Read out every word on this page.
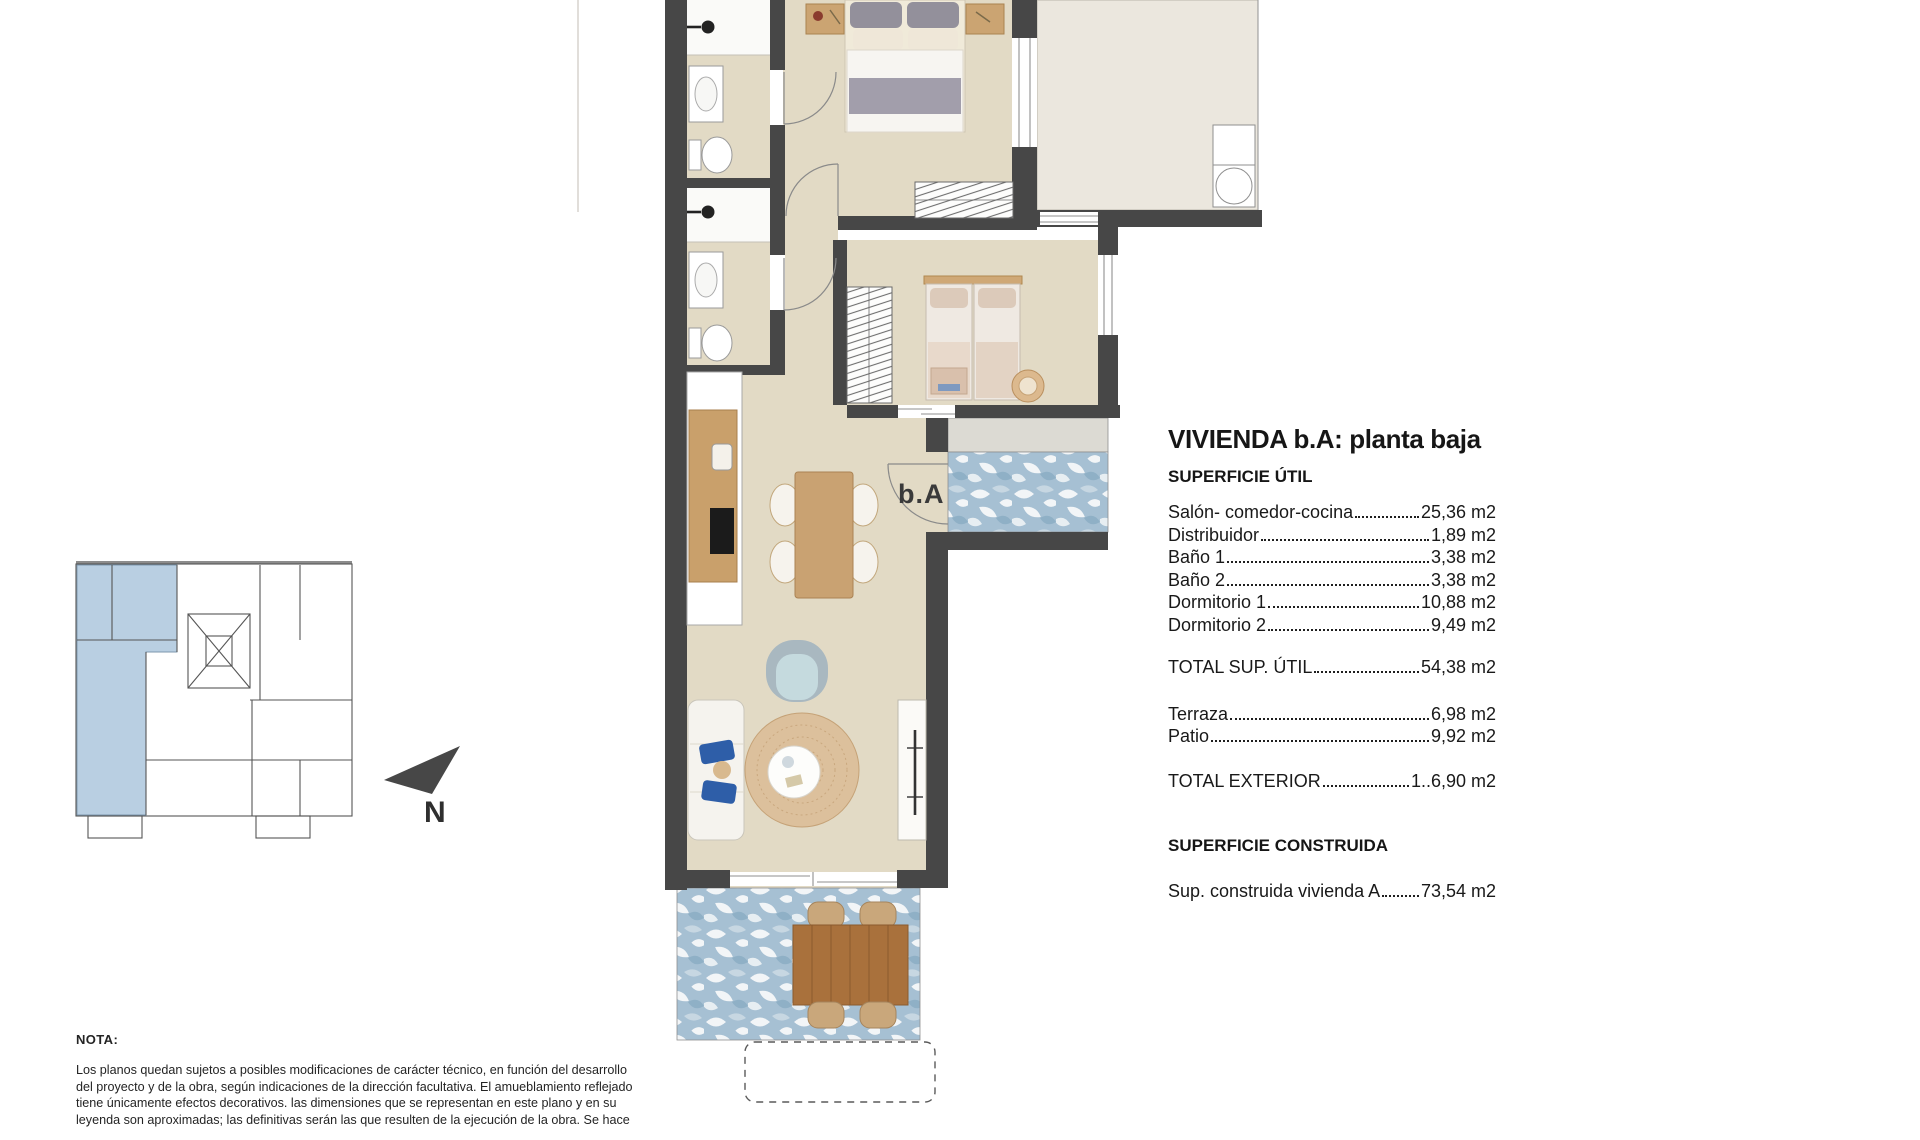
b.A
N
VIVIENDA b.A: planta baja
SUPERFICIE ÚTIL
Salón- comedor-cocina	25,36 m2
Distribuidor	1,89 m2
Baño 1	3,38 m2
Baño 2	3,38 m2
Dormitorio 1	10,88 m2
Dormitorio 2	9,49 m2
TOTAL SUP. ÚTIL	54,38 m2
Terraza	6,98 m2
Patio	9,92 m2
TOTAL EXTERIOR	1..6,90 m2
SUPERFICIE CONSTRUIDA
Sup. construida vivienda A 73,54 m2
NOTA:
Los planos quedan sujetos a posibles modificaciones de carácter técnico, en función del desarrollo
del proyecto y de la obra, según indicaciones de la dirección facultativa. El amueblamiento reflejado
tiene únicamente efectos decorativos. las dimensiones que se representan en este plano y en su
leyenda son aproximadas; las definitivas serán las que resulten de la ejecución de la obra. Se hace
